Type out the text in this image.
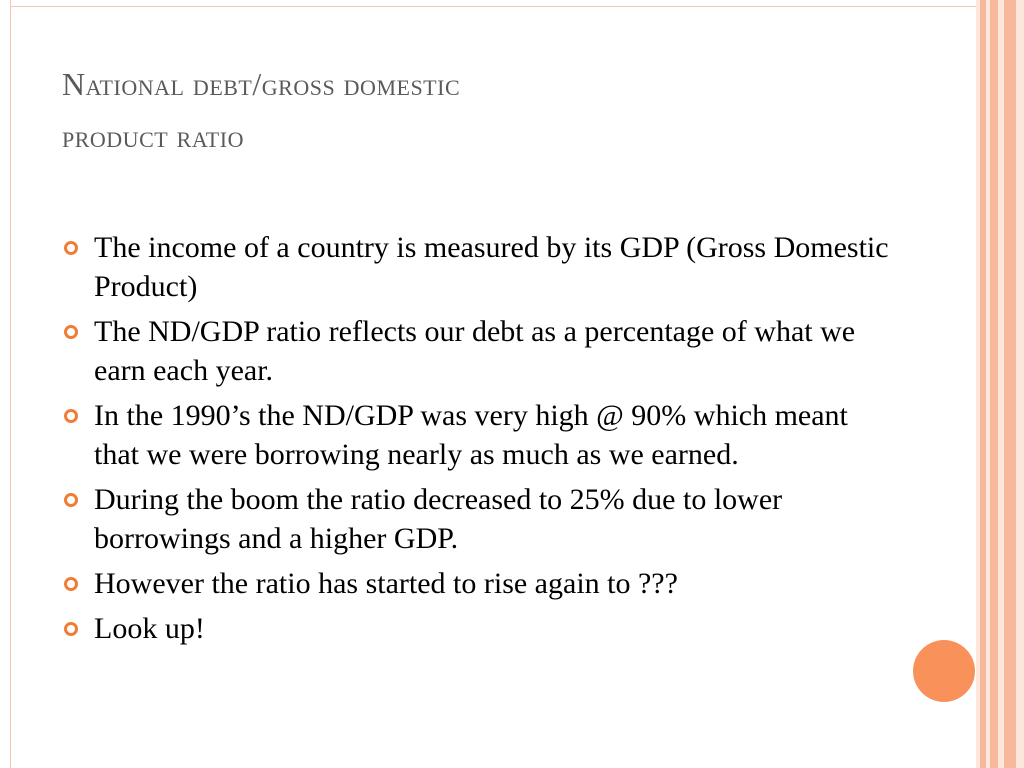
National debt/gross domestic
product ratio
The income of a country is measured by its GDP (Gross Domestic Product)
The ND/GDP ratio reflects our debt as a percentage of what we earn each year.
In the 1990’s the ND/GDP was very high @ 90% which meant that we were borrowing nearly as much as we earned.
During the boom the ratio decreased to 25% due to lower borrowings and a higher GDP.
However the ratio has started to rise again to ???
Look up!
